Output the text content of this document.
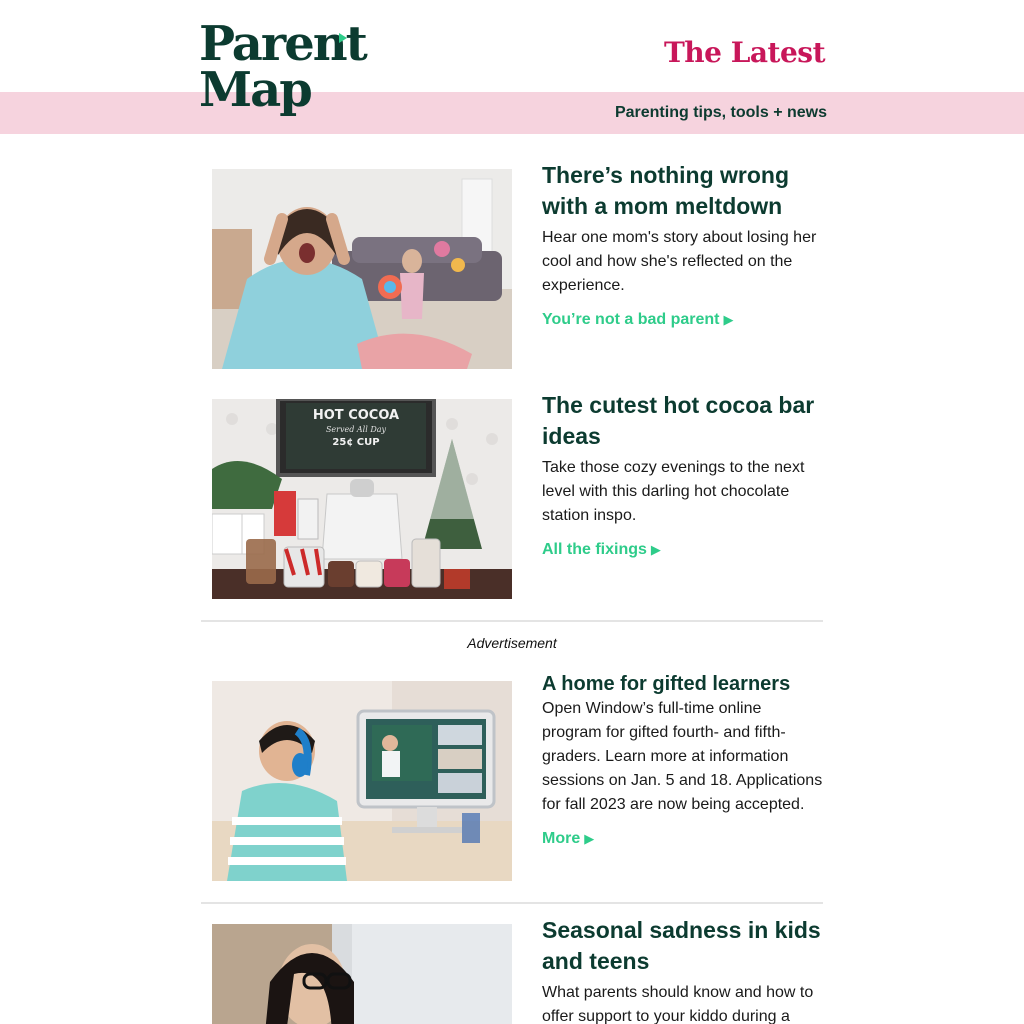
Parent
Map
The Latest
Parenting tips, tools + news
There’s nothing wrong with a mom meltdown
Hear one mom's story about losing her cool and how she's reflected on the experience.
You’re not a bad parent ▶
HOT COCOA
Served All Day
25¢ CUP
The cutest hot cocoa bar ideas
Take those cozy evenings to the next level with this darling hot chocolate station inspo.
All the fixings ▶
Advertisement
A home for gifted learners
Open Window’s full-time online program for gifted fourth- and fifth-graders. Learn more at information sessions on Jan. 5 and 18. Applications for fall 2023 are now being accepted.
More ▶
Seasonal sadness in kids and teens
What parents should know and how to offer support to your kiddo during a
